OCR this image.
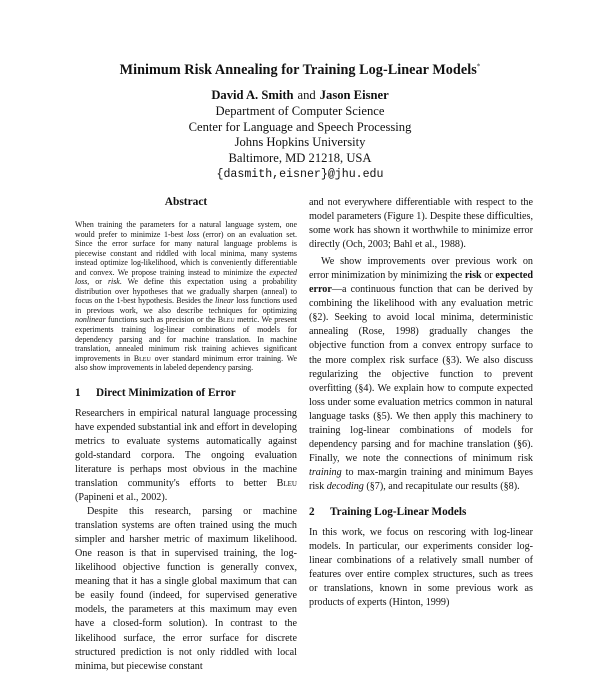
Minimum Risk Annealing for Training Log-Linear Models*
David A. Smith and Jason Eisner
Department of Computer Science
Center for Language and Speech Processing
Johns Hopkins University
Baltimore, MD 21218, USA
{dasmith,eisner}@jhu.edu
Abstract

When training the parameters for a natural language system, one would prefer to minimize 1-best loss (error) on an evaluation set. Since the error surface for many natural language problems is piecewise constant and riddled with local minima, many systems instead optimize log-likelihood, which is conveniently differentiable and convex. We propose training instead to minimize the expected loss, or risk. We define this expectation using a probability distribution over hypotheses that we gradually sharpen (anneal) to focus on the 1-best hypothesis. Besides the linear loss functions used in previous work, we also describe techniques for optimizing nonlinear functions such as precision or the Bleu metric. We present experiments training log-linear combinations of models for dependency parsing and for machine translation. In machine translation, annealed minimum risk training achieves significant improvements in Bleu over standard minimum error training. We also show improvements in labeled dependency parsing.

1 Direct Minimization of Error

Researchers in empirical natural language processing have expended substantial ink and effort in developing metrics to evaluate systems automatically against gold-standard corpora. The ongoing evaluation literature is perhaps most obvious in the machine translation community's efforts to better Bleu (Papineni et al., 2002).

Despite this research, parsing or machine translation systems are often trained using the much simpler and harsher metric of maximum likelihood. One reason is that in supervised training, the log-likelihood objective function is generally convex, meaning that it has a single global maximum that can be easily found (indeed, for supervised generative models, the parameters at this maximum may even have a closed-form solution). In contrast to the likelihood surface, the error surface for discrete structured prediction is not only riddled with local minima, but piecewise constant

and not everywhere differentiable with respect to the model parameters (Figure 1). Despite these difficulties, some work has shown it worthwhile to minimize error directly (Och, 2003; Bahl et al., 1988).

We show improvements over previous work on error minimization by minimizing the risk or expected error—a continuous function that can be derived by combining the likelihood with any evaluation metric (§2). Seeking to avoid local minima, deterministic annealing (Rose, 1998) gradually changes the objective function from a convex entropy surface to the more complex risk surface (§3). We also discuss regularizing the objective function to prevent overfitting (§4). We explain how to compute expected loss under some evaluation metrics common in natural language tasks (§5). We then apply this machinery to training log-linear combinations of models for dependency parsing and for machine translation (§6). Finally, we note the connections of minimum risk training to max-margin training and minimum Bayes risk decoding (§7), and recapitulate our results (§8).

2 Training Log-Linear Models

In this work, we focus on rescoring with log-linear models. In particular, our experiments consider log-linear combinations of a relatively small number of features over entire complex structures, such as trees or translations, known in some previous work as products of experts (Hinton, 1999)
